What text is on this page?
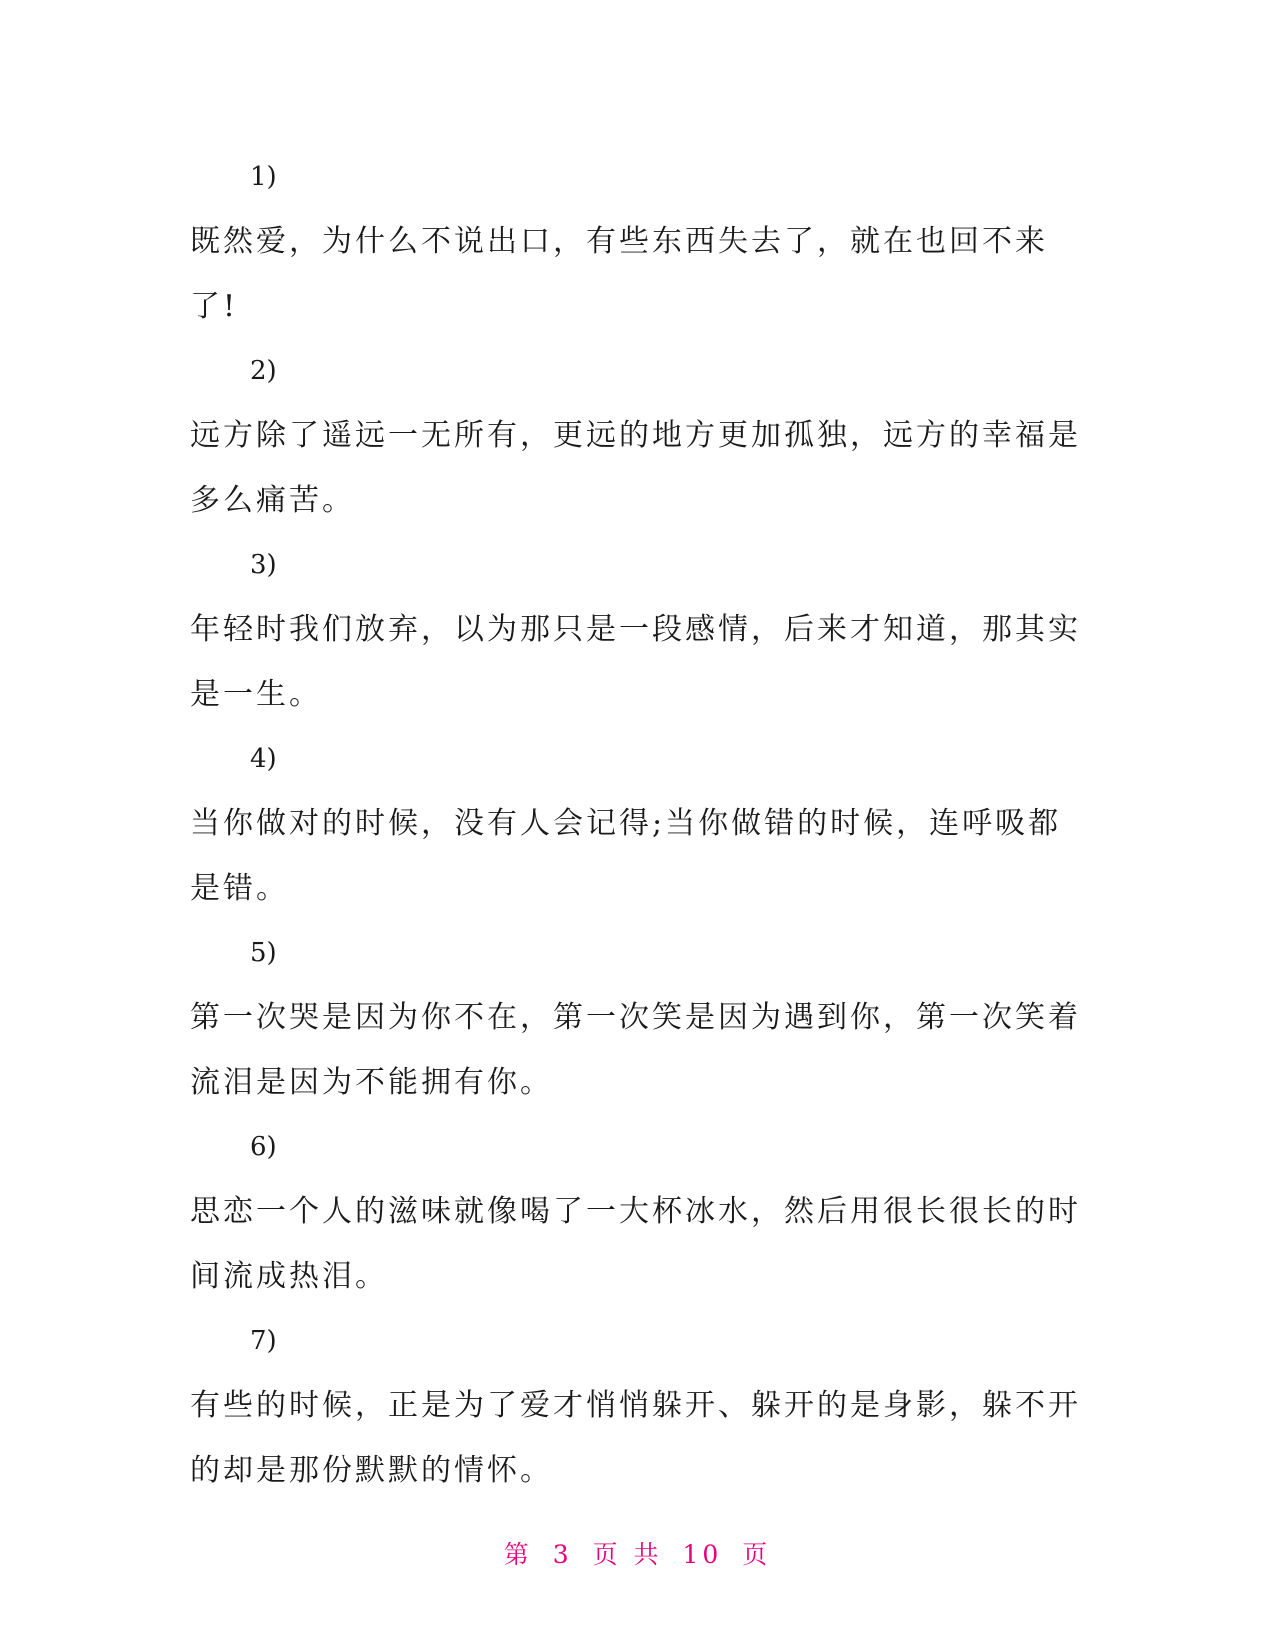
1)
既然爱，为什么不说出口，有些东西失去了，就在也回不来了!
2)
远方除了遥远一无所有，更远的地方更加孤独，远方的幸福是多么痛苦。
3)
年轻时我们放弃，以为那只是一段感情，后来才知道，那其实是一生。
4)
当你做对的时候，没有人会记得;当你做错的时候，连呼吸都是错。
5)
第一次哭是因为你不在，第一次笑是因为遇到你，第一次笑着流泪是因为不能拥有你。
6)
思恋一个人的滋味就像喝了一大杯冰水，然后用很长很长的时间流成热泪。
7)
有些的时候，正是为了爱才悄悄躲开、躲开的是身影，躲不开的却是那份默默的情怀。
第 3 页 共 10 页
